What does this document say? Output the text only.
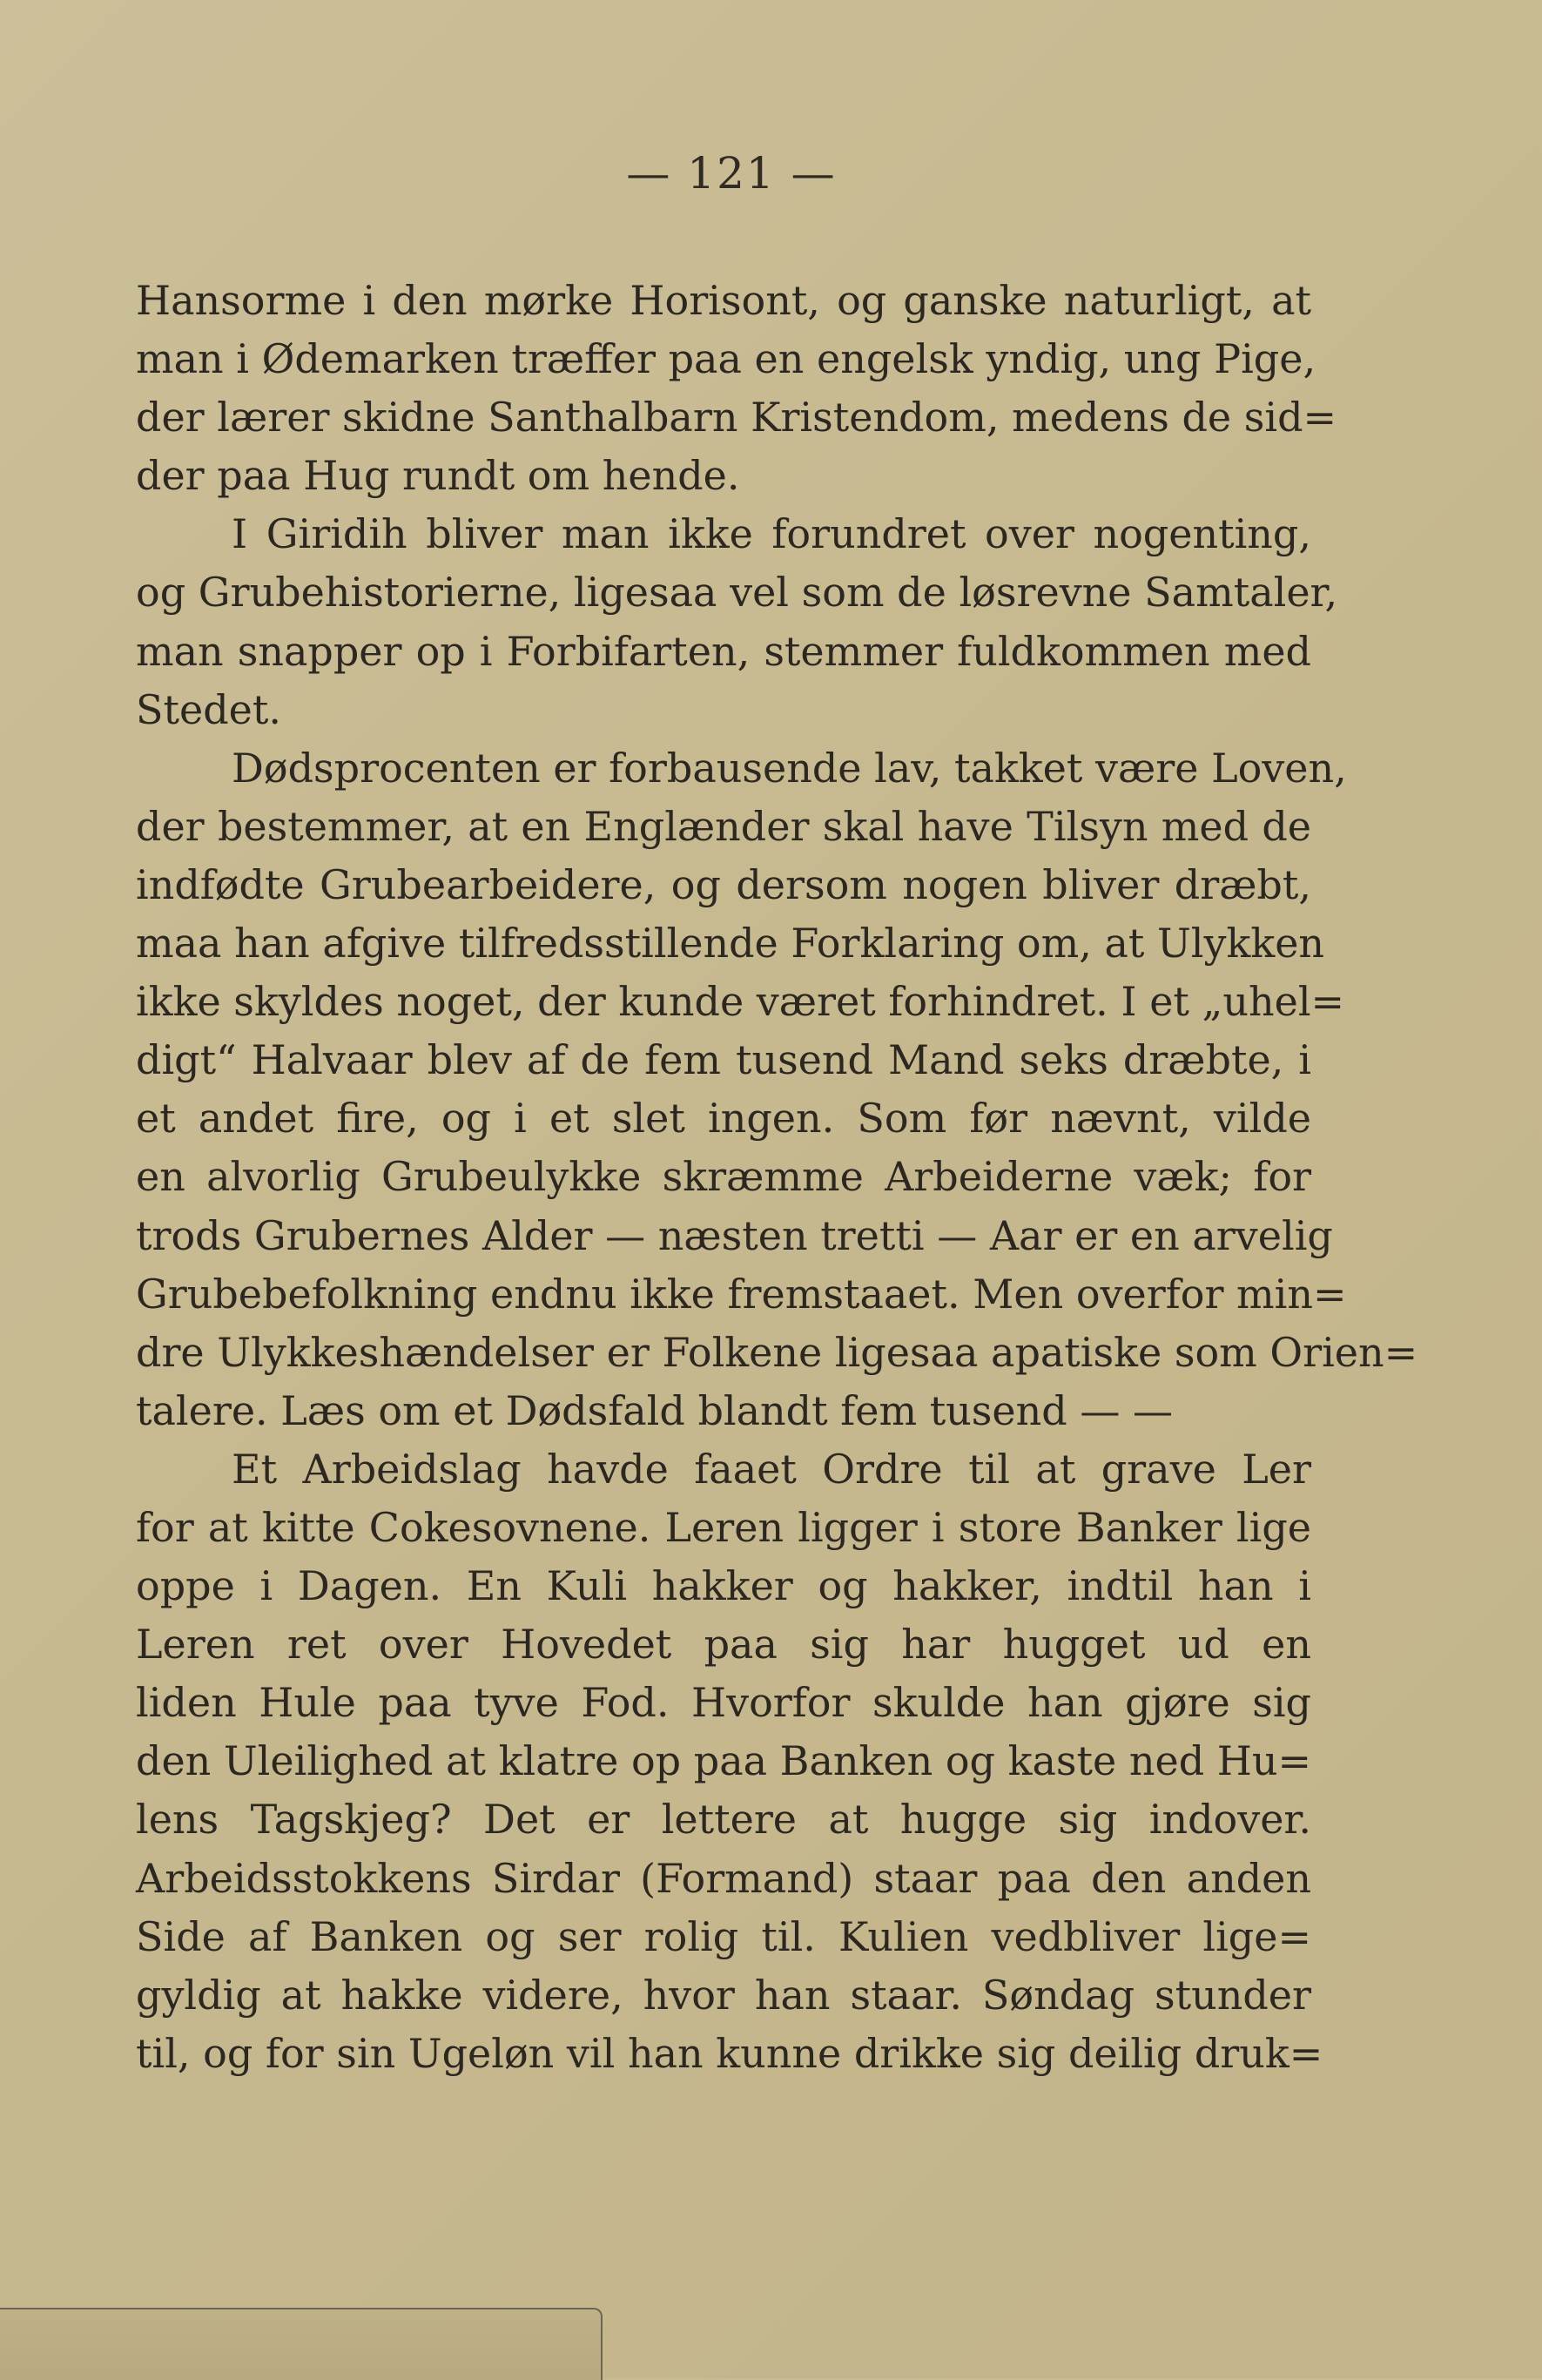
— 121 —
Hansorme i den mørke Horisont, og ganske naturligt, at
man i Ødemarken træffer paa en engelsk yndig, ung Pige,
der lærer skidne Santhalbarn Kristendom, medens de sid=
der paa Hug rundt om hende.
I Giridih bliver man ikke forundret over nogenting,
og Grubehistorierne, ligesaa vel som de løsrevne Samtaler,
man snapper op i Forbifarten, stemmer fuldkommen med
Stedet.
Dødsprocenten er forbausende lav, takket være Loven,
der bestemmer, at en Englænder skal have Tilsyn med de
indfødte Grubearbeidere, og dersom nogen bliver dræbt,
maa han afgive tilfredsstillende Forklaring om, at Ulykken
ikke skyldes noget, der kunde været forhindret. I et „uhel=
digt“ Halvaar blev af de fem tusend Mand seks dræbte, i
et andet fire, og i et slet ingen. Som før nævnt, vilde
en alvorlig Grubeulykke skræmme Arbeiderne væk; for
trods Grubernes Alder — næsten tretti — Aar er en arvelig
Grubebefolkning endnu ikke fremstaaet. Men overfor min=
dre Ulykkeshændelser er Folkene ligesaa apatiske som Orien=
talere. Læs om et Dødsfald blandt fem tusend — —
Et Arbeidslag havde faaet Ordre til at grave Ler
for at kitte Cokesovnene. Leren ligger i store Banker lige
oppe i Dagen. En Kuli hakker og hakker, indtil han i
Leren ret over Hovedet paa sig har hugget ud en
liden Hule paa tyve Fod. Hvorfor skulde han gjøre sig
den Uleilighed at klatre op paa Banken og kaste ned Hu=
lens Tagskjeg? Det er lettere at hugge sig indover.
Arbeidsstokkens Sirdar (Formand) staar paa den anden
Side af Banken og ser rolig til. Kulien vedbliver lige=
gyldig at hakke videre, hvor han staar. Søndag stunder
til, og for sin Ugeløn vil han kunne drikke sig deilig druk=
